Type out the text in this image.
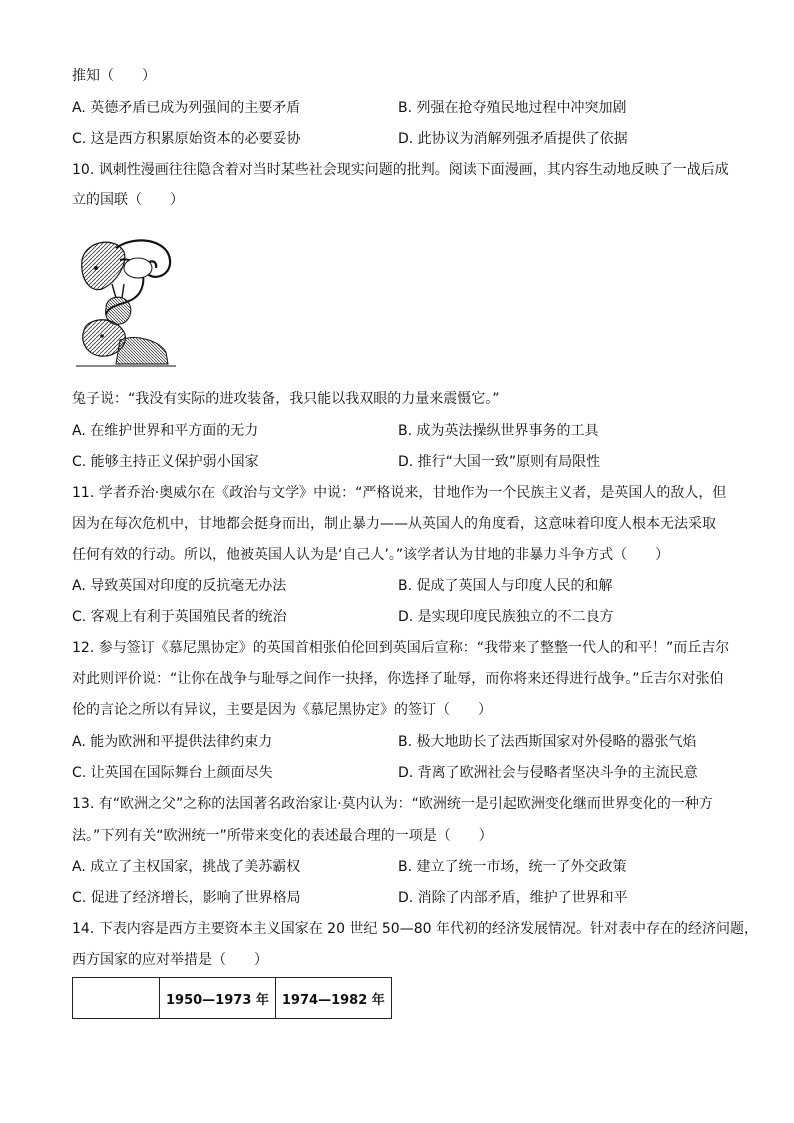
推知（　　）
A. 英德矛盾已成为列强间的主要矛盾	B. 列强在抢夺殖民地过程中冲突加剧
C. 这是西方积累原始资本的必要妥协	D. 此协议为消解列强矛盾提供了依据
10. 讽刺性漫画往往隐含着对当时某些社会现实问题的批判。阅读下面漫画，其内容生动地反映了一战后成
立的国联（　　）
兔子说：“我没有实际的进攻装备，我只能以我双眼的力量来震慑它。”
A. 在维护世界和平方面的无力	B. 成为英法操纵世界事务的工具
C. 能够主持正义保护弱小国家	D. 推行“大国一致”原则有局限性
11. 学者乔治·奥威尔在《政治与文学》中说：“严格说来，甘地作为一个民族主义者，是英国人的敌人，但
因为在每次危机中，甘地都会挺身而出，制止暴力——从英国人的角度看，这意味着印度人根本无法采取
任何有效的行动。所以，他被英国人认为是‘自己人’。”该学者认为甘地的非暴力斗争方式（　　）
A. 导致英国对印度的反抗毫无办法	B. 促成了英国人与印度人民的和解
C. 客观上有利于英国殖民者的统治	D. 是实现印度民族独立的不二良方
12. 参与签订《慕尼黑协定》的英国首相张伯伦回到英国后宣称：“我带来了整整一代人的和平！”而丘吉尔
对此则评价说：“让你在战争与耻辱之间作一抉择，你选择了耻辱，而你将来还得进行战争。”丘吉尔对张伯
伦的言论之所以有异议，主要是因为《慕尼黑协定》的签订（　　）
A. 能为欧洲和平提供法律约束力	B. 极大地助长了法西斯国家对外侵略的嚣张气焰
C. 让英国在国际舞台上颜面尽失	D. 背离了欧洲社会与侵略者坚决斗争的主流民意
13. 有“欧洲之父”之称的法国著名政治家让·莫内认为：“欧洲统一是引起欧洲变化继而世界变化的一种方
法。”下列有关“欧洲统一”所带来变化的表述最合理的一项是（　　）
A. 成立了主权国家，挑战了美苏霸权	B. 建立了统一市场，统一了外交政策
C. 促进了经济增长，影响了世界格局	D. 消除了内部矛盾，维护了世界和平
14. 下表内容是西方主要资本主义国家在 20 世纪 50—80 年代初的经济发展情况。针对表中存在的经济问题，
西方国家的应对举措是（　　）
	1950—1973 年	1974—1982 年
